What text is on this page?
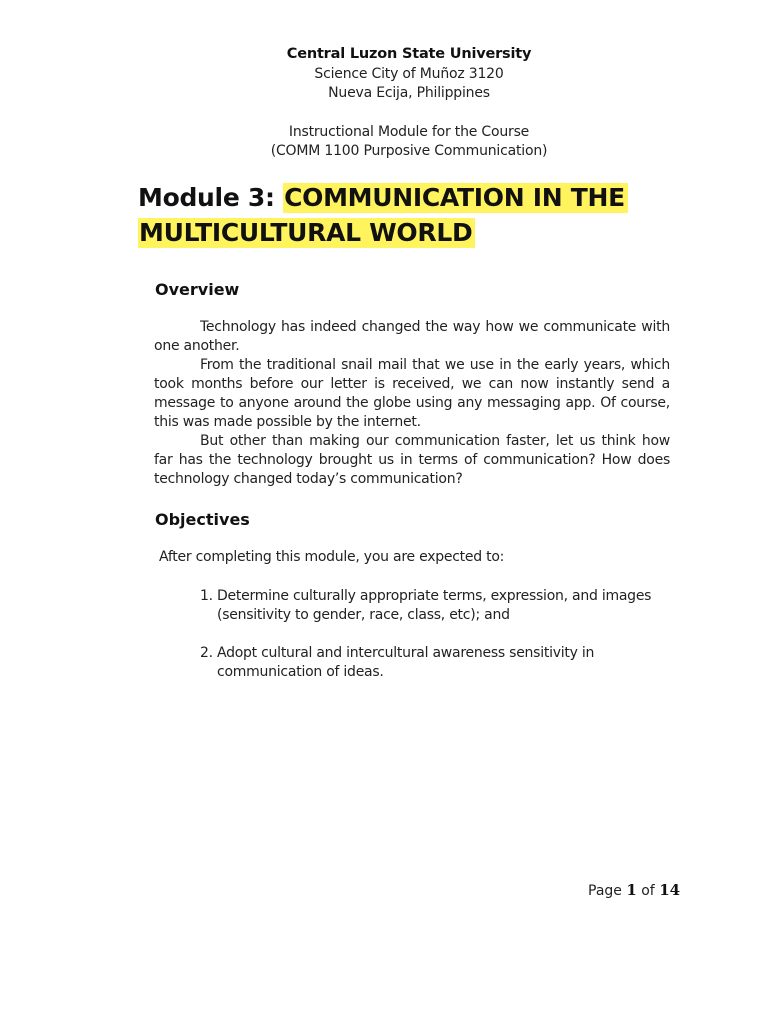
Central Luzon State University
Science City of Muñoz 3120
Nueva Ecija, Philippines
Instructional Module for the Course
(COMM 1100 Purposive Communication)
Module 3: COMMUNICATION IN THE
MULTICULTURAL WORLD
Overview

Technology has indeed changed the way how we communicate with one another.

From the traditional snail mail that we use in the early years, which took months before our letter is received, we can now instantly send a message to anyone around the globe using any messaging app. Of course, this was made possible by the internet.

But other than making our communication faster, let us think how far has the technology brought us in terms of communication? How does technology changed today’s communication?

Objectives
After completing this module, you are expected to:
1. Determine culturally appropriate terms, expression, and images (sensitivity to gender, race, class, etc); and
2. Adopt cultural and intercultural awareness sensitivity in communication of ideas.
Page 1 of 14
